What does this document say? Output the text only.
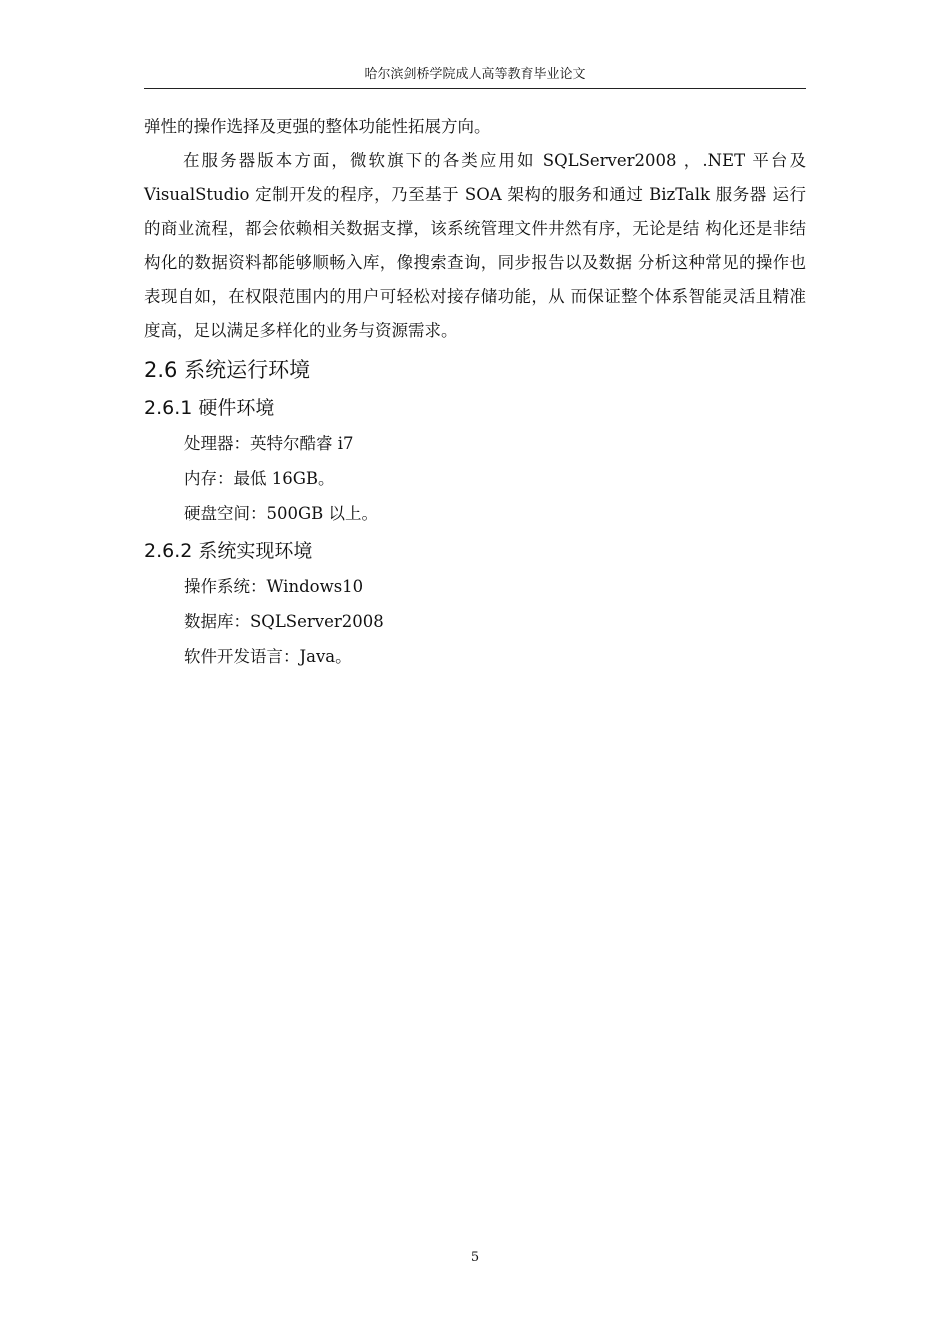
哈尔滨剑桥学院成人高等教育毕业论文

弹性的操作选择及更强的整体功能性拓展方向。

在服务器版本方面，微软旗下的各类应用如 SQLServer2008 ，.NET 平台及 VisualStudio 定制开发的程序，乃至基于 SOA 架构的服务和通过 BizTalk 服务器 运行的商业流程，都会依赖相关数据支撑，该系统管理文件井然有序，无论是结 构化还是非结构化的数据资料都能够顺畅入库，像搜索查询，同步报告以及数据 分析这种常见的操作也表现自如，在权限范围内的用户可轻松对接存储功能，从 而保证整个体系智能灵活且精准度高，足以满足多样化的业务与资源需求。

2.6 系统运行环境
2.6.1 硬件环境

处理器：英特尔酷睿 i7

内存：最低 16GB。

硬盘空间：500GB 以上。

2.6.2 系统实现环境

操作系统：Windows10

数据库：SQLServer2008

软件开发语言：Java。

5
